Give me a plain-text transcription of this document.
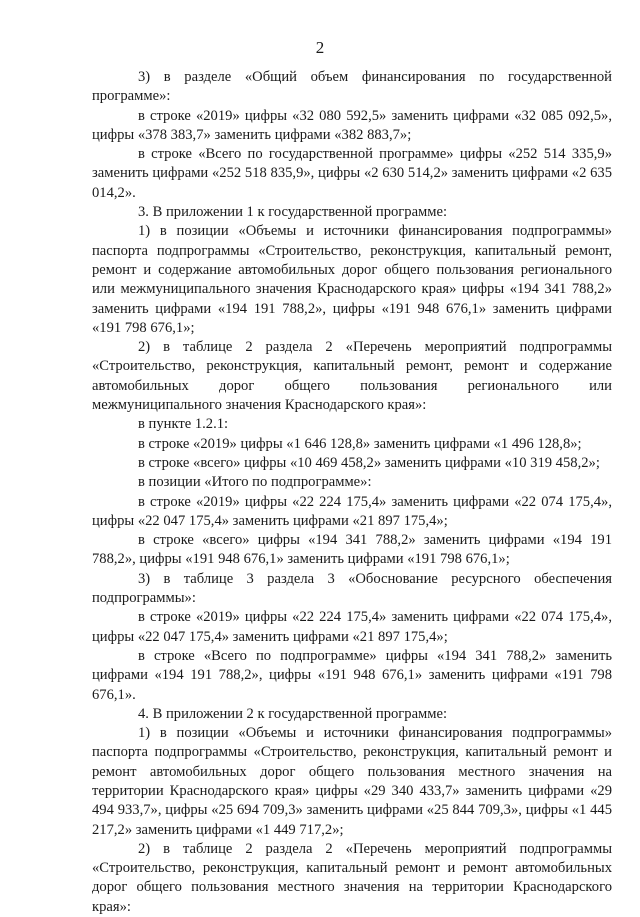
2

3) в разделе «Общий объем финансирования по государственной программе»:

в строке «2019» цифры «32 080 592,5» заменить цифрами «32 085 092,5», цифры «378 383,7» заменить цифрами «382 883,7»;

в строке «Всего по государственной программе» цифры «252 514 335,9» заменить цифрами «252 518 835,9», цифры «2 630 514,2» заменить цифрами «2 635 014,2».

3. В приложении 1 к государственной программе:

1) в позиции «Объемы и источники финансирования подпрограммы» паспорта подпрограммы «Строительство, реконструкция, капитальный ремонт, ремонт и содержание автомобильных дорог общего пользования регионального или межмуниципального значения Краснодарского края» цифры «194 341 788,2» заменить цифрами «194 191 788,2», цифры «191 948 676,1» заменить цифрами «191 798 676,1»;

2) в таблице 2 раздела 2 «Перечень мероприятий подпрограммы «Строительство, реконструкция, капитальный ремонт, ремонт и содержание автомобильных дорог общего пользования регионального или межмуниципального значения Краснодарского края»:

в пункте 1.2.1:

в строке «2019» цифры «1 646 128,8» заменить цифрами «1 496 128,8»;

в строке «всего» цифры «10 469 458,2» заменить цифрами «10 319 458,2»;

в позиции «Итого по подпрограмме»:

в строке «2019» цифры «22 224 175,4» заменить цифрами «22 074 175,4», цифры «22 047 175,4» заменить цифрами «21 897 175,4»;

в строке «всего» цифры «194 341 788,2» заменить цифрами «194 191 788,2», цифры «191 948 676,1» заменить цифрами «191 798 676,1»;

3) в таблице 3 раздела 3 «Обоснование ресурсного обеспечения подпрограммы»:

в строке «2019» цифры «22 224 175,4» заменить цифрами «22 074 175,4», цифры «22 047 175,4» заменить цифрами «21 897 175,4»;

в строке «Всего по подпрограмме» цифры «194 341 788,2» заменить цифрами «194 191 788,2», цифры «191 948 676,1» заменить цифрами «191 798 676,1».

4. В приложении 2 к государственной программе:

1) в позиции «Объемы и источники финансирования подпрограммы» паспорта подпрограммы «Строительство, реконструкция, капитальный ремонт и ремонт автомобильных дорог общего пользования местного значения на территории Краснодарского края» цифры «29 340 433,7» заменить цифрами «29 494 933,7», цифры «25 694 709,3» заменить цифрами «25 844 709,3», цифры «1 445 217,2» заменить цифрами «1 449 717,2»;

2) в таблице 2 раздела 2 «Перечень мероприятий подпрограммы «Строительство, реконструкция, капитальный ремонт и ремонт автомобильных дорог общего пользования местного значения на территории Краснодарского края»:
